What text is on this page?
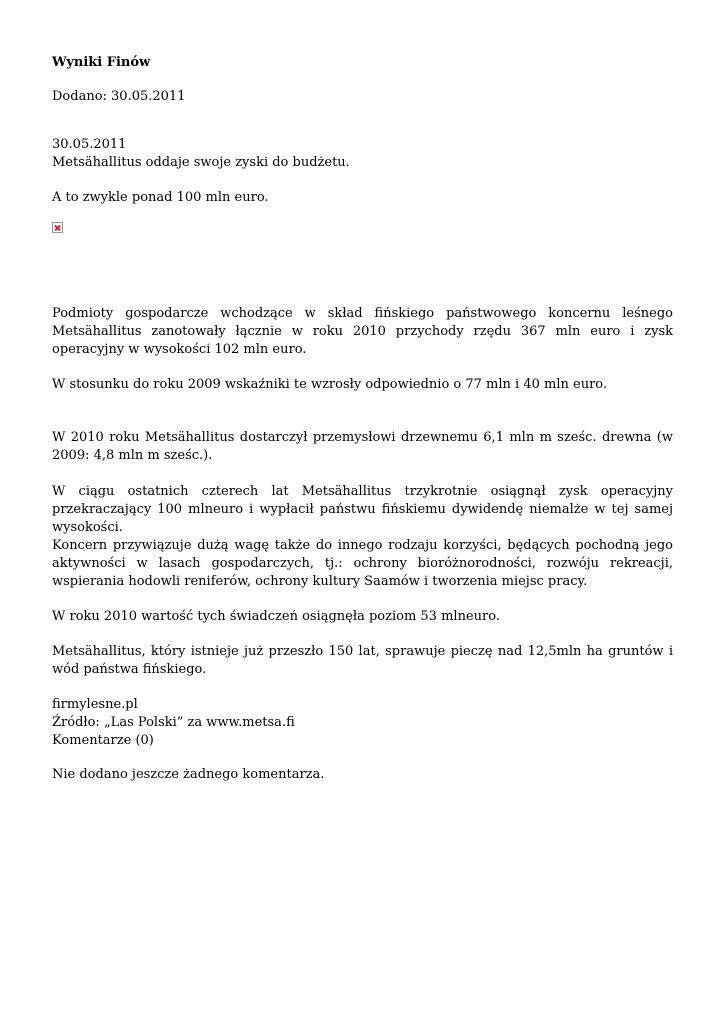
Wyniki Finów
Dodano: 30.05.2011
30.05.2011
Metsähallitus oddaje swoje zyski do budżetu.
A to zwykle ponad 100 mln euro.
Podmioty gospodarcze wchodzące w skład fińskiego państwowego koncernu leśnego Metsähallitus zanotowały łącznie w roku 2010 przychody rzędu 367 mln euro i zysk operacyjny w wysokości 102 mln euro.
W stosunku do roku 2009 wskaźniki te wzrosły odpowiednio o 77 mln i 40 mln euro.
W 2010 roku Metsähallitus dostarczył przemysłowi drzewnemu 6,1 mln m sześc. drewna (w 2009: 4,8 mln m sześc.).
W ciągu ostatnich czterech lat Metsähallitus trzykrotnie osiągnął zysk operacyjny przekraczający 100 mlneuro i wypłacił państwu fińskiemu dywidendę niemalże w tej samej wysokości.
Koncern przywiązuje dużą wagę także do innego rodzaju korzyści, będących pochodną jego aktywności w lasach gospodarczych, tj.: ochrony bioróżnorodności, rozwóju rekreacji, wspierania hodowli reniferów, ochrony kultury Saamów i tworzenia miejsc pracy.
W roku 2010 wartość tych świadczeń osiągnęła poziom 53 mlneuro.
Metsähallitus, który istnieje już przeszło 150 lat, sprawuje pieczę nad 12,5mln ha gruntów i wód państwa fińskiego.
firmylesne.pl
Źródło: „Las Polski” za www.metsa.fi
Komentarze (0)
Nie dodano jeszcze żadnego komentarza.
